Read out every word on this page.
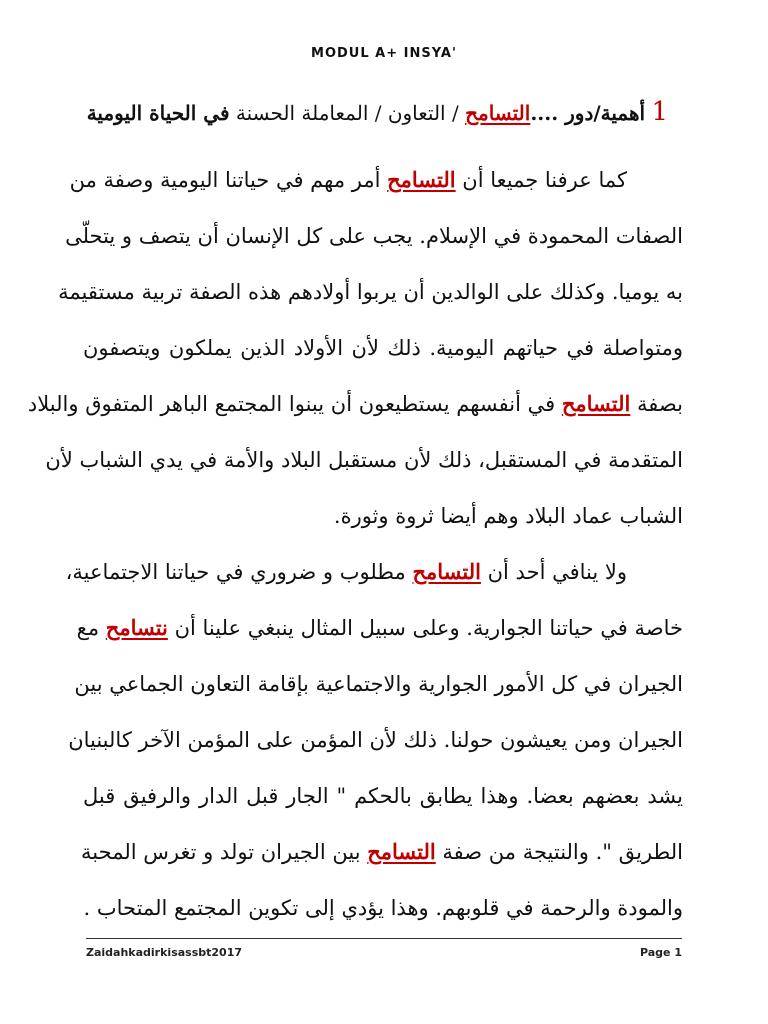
MODUL A+ INSYA'
1 أهمية/دور ....التسامح / التعاون / المعاملة الحسنة في الحياة اليومية
كما عرفنا جميعا أن التسامح أمر مهم في حياتنا اليومية وصفة من
الصفات المحمودة في الإسلام. يجب على كل الإنسان أن يتصف و يتحلّى
به يوميا. وكذلك على الوالدين أن يربوا أولادهم هذه الصفة تربية مستقيمة
ومتواصلة في حياتهم اليومية. ذلك لأن الأولاد الذين يملكون ويتصفون
بصفة التسامح في أنفسهم يستطيعون أن يبنوا المجتمع الباهر المتفوق والبلاد
المتقدمة في المستقبل، ذلك لأن مستقبل البلاد والأمة في يدي الشباب لأن
الشباب عماد البلاد وهم أيضا ثروة وثورة.
ولا ينافي أحد أن التسامح مطلوب و ضروري في حياتنا الاجتماعية،
خاصة في حياتنا الجوارية. وعلى سبيل المثال ينبغي علينا أن نتسامح مع
الجيران في كل الأمور الجوارية والاجتماعية بإقامة التعاون الجماعي بين
الجيران ومن يعيشون حولنا. ذلك لأن المؤمن على المؤمن الآخر كالبنيان
يشد بعضهم بعضا. وهذا يطابق بالحكم " الجار قبل الدار والرفيق قبل
الطريق ". والنتيجة من صفة التسامح بين الجيران تولد و تغرس المحبة
والمودة والرحمة في قلوبهم. وهذا يؤدي إلى تكوين المجتمع المتحاب .
Zaidahkadirkisassbt2017	Page 1
